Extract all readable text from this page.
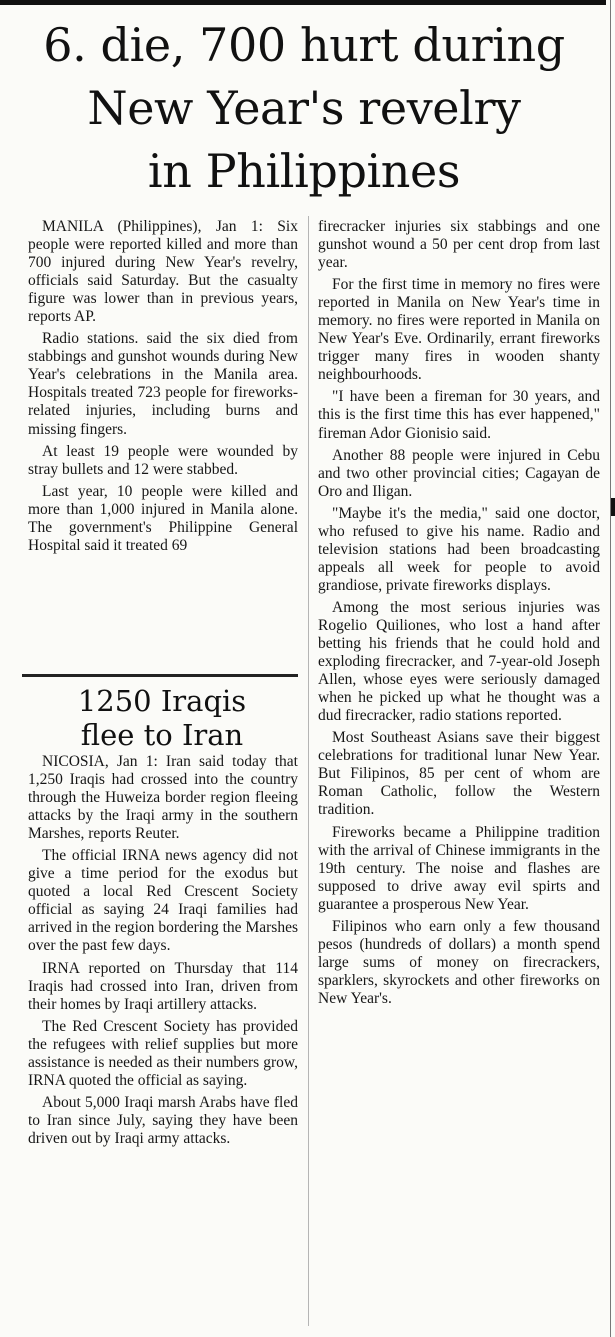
6. die, 700 hurt during
New Year's revelry
in Philippines

MANILA (Philippines), Jan 1: Six people were reported killed and more than 700 injured during New Year's revelry, officials said Saturday. But the casualty figure was lower than in previous years, reports AP.

Radio stations. said the six died from stabbings and gunshot wounds during New Year's celebrations in the Manila area. Hospitals treated 723 people for fireworks-related injuries, including burns and missing fingers.

At least 19 people were wounded by stray bullets and 12 were stabbed.

Last year, 10 people were killed and more than 1,000 injured in Manila alone. The government's Philippine General Hospital said it treated 69

1250 Iraqis
flee to Iran

NICOSIA, Jan 1: Iran said today that 1,250 Iraqis had crossed into the country through the Huweiza border region fleeing attacks by the Iraqi army in the southern Marshes, reports Reuter.

The official IRNA news agency did not give a time period for the exodus but quoted a local Red Crescent Society official as saying 24 Iraqi families had arrived in the region bordering the Marshes over the past few days.

IRNA reported on Thursday that 114 Iraqis had crossed into Iran, driven from their homes by Iraqi artillery attacks.

The Red Crescent Society has provided the refugees with relief supplies but more assistance is needed as their numbers grow, IRNA quoted the official as saying.

About 5,000 Iraqi marsh Arabs have fled to Iran since July, saying they have been driven out by Iraqi army attacks.

firecracker injuries six stabbings and one gunshot wound a 50 per cent drop from last year.

For the first time in memory no fires were reported in Manila on New Year's time in memory. no fires were reported in Manila on New Year's Eve. Ordinarily, errant fireworks trigger many fires in wooden shanty neighbourhoods.

"I have been a fireman for 30 years, and this is the first time this has ever happened," fireman Ador Gionisio said.

Another 88 people were injured in Cebu and two other provincial cities; Cagayan de Oro and Iligan.

"Maybe it's the media," said one doctor, who refused to give his name. Radio and television stations had been broadcasting appeals all week for people to avoid grandiose, private fireworks displays.

Among the most serious injuries was Rogelio Quiliones, who lost a hand after betting his friends that he could hold and exploding firecracker, and 7-year-old Joseph Allen, whose eyes were seriously damaged when he picked up what he thought was a dud firecracker, radio stations reported.

Most Southeast Asians save their biggest celebrations for traditional lunar New Year. But Filipinos, 85 per cent of whom are Roman Catholic, follow the Western tradition.

Fireworks became a Philippine tradition with the arrival of Chinese immigrants in the 19th century. The noise and flashes are supposed to drive away evil spirts and guarantee a prosperous New Year.

Filipinos who earn only a few thousand pesos (hundreds of dollars) a month spend large sums of money on firecrackers, sparklers, skyrockets and other fireworks on New Year's.
